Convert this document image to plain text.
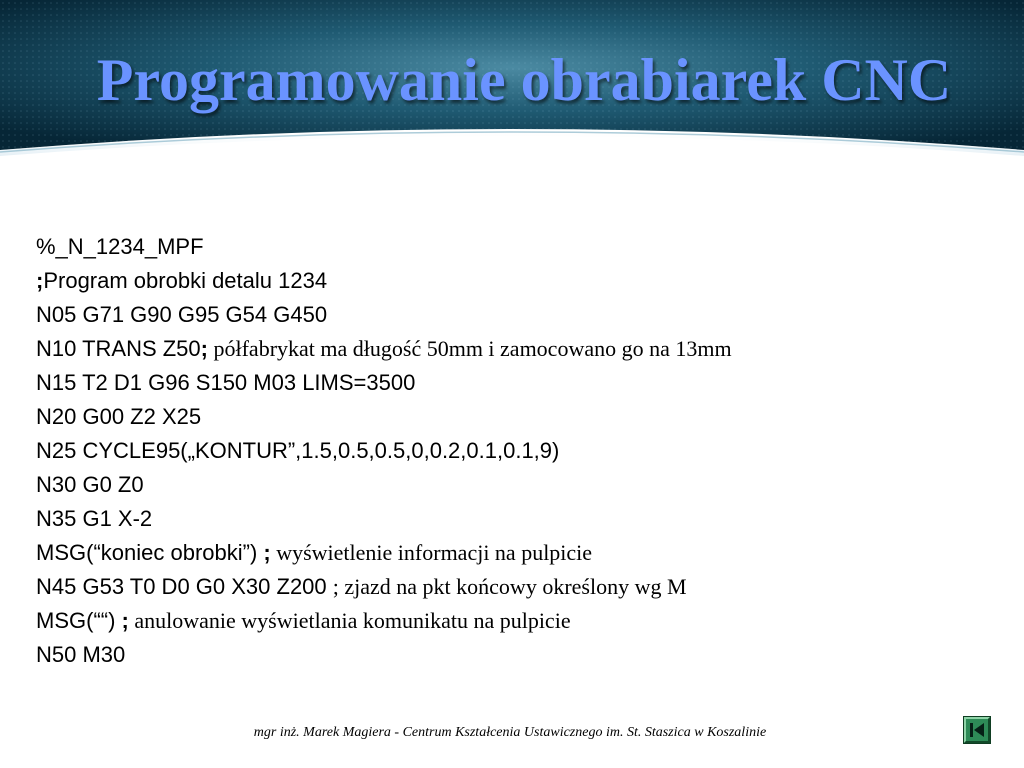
Programowanie obrabiarek CNC
%_N_1234_MPF
;Program obrobki detalu 1234
N05 G71 G90 G95 G54 G450
N10 TRANS Z50; półfabrykat ma długość 50mm i zamocowano go na 13mm
N15 T2 D1 G96 S150 M03 LIMS=3500
N20 G00 Z2 X25
N25 CYCLE95(„KONTUR”,1.5,0.5,0.5,0,0.2,0.1,0.1,9)
N30 G0 Z0
N35 G1 X-2
MSG(“koniec obrobki”) ; wyświetlenie informacji na pulpicie
N45 G53 T0 D0 G0 X30 Z200 ; zjazd na pkt końcowy określony wg M
MSG(““) ; anulowanie wyświetlania komunikatu na pulpicie
N50 M30
mgr inż. Marek Magiera - Centrum Kształcenia Ustawicznego im. St. Staszica w Koszalinie
